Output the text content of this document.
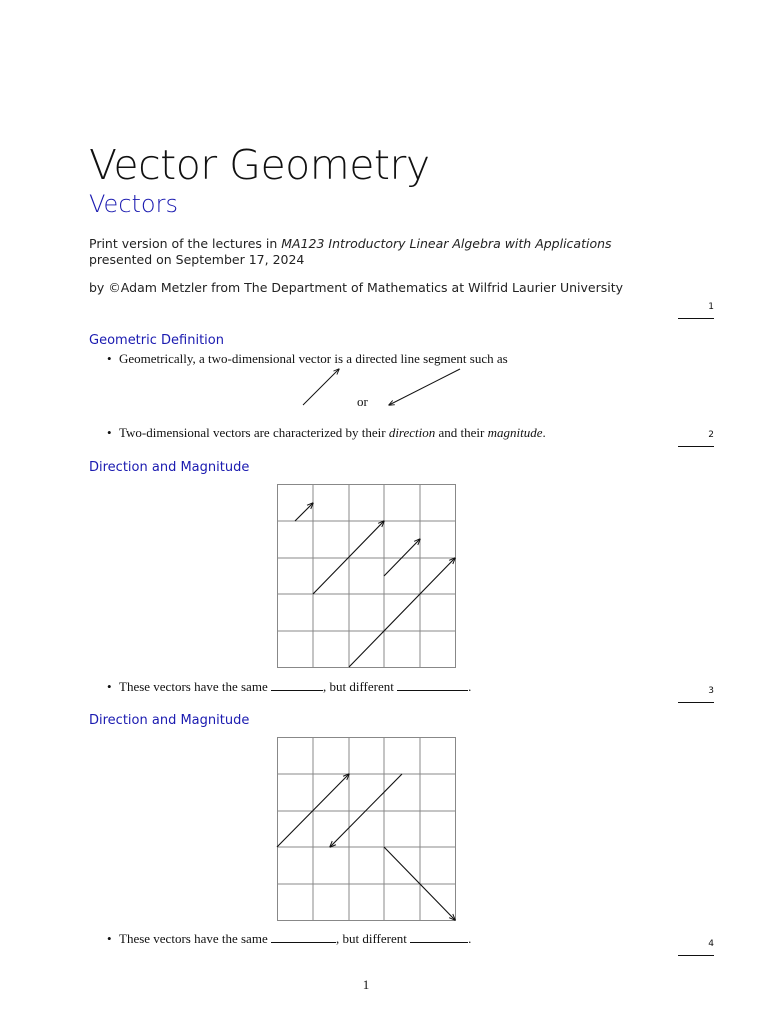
Vector Geometry
Vectors
Print version of the lectures in MA123 Introductory Linear Algebra with Applications
presented on September 17, 2024
by ©Adam Metzler from The Department of Mathematics at Wilfrid Laurier University
1
Geometric Definition
• Geometrically, a two-dimensional vector is a directed line segment such as
or
• Two-dimensional vectors are characterized by their direction and their magnitude.	2
Direction and Magnitude
• These vectors have the same	, but different	.	3
Direction and Magnitude
• These vectors have the same	, but different	.	4
1
